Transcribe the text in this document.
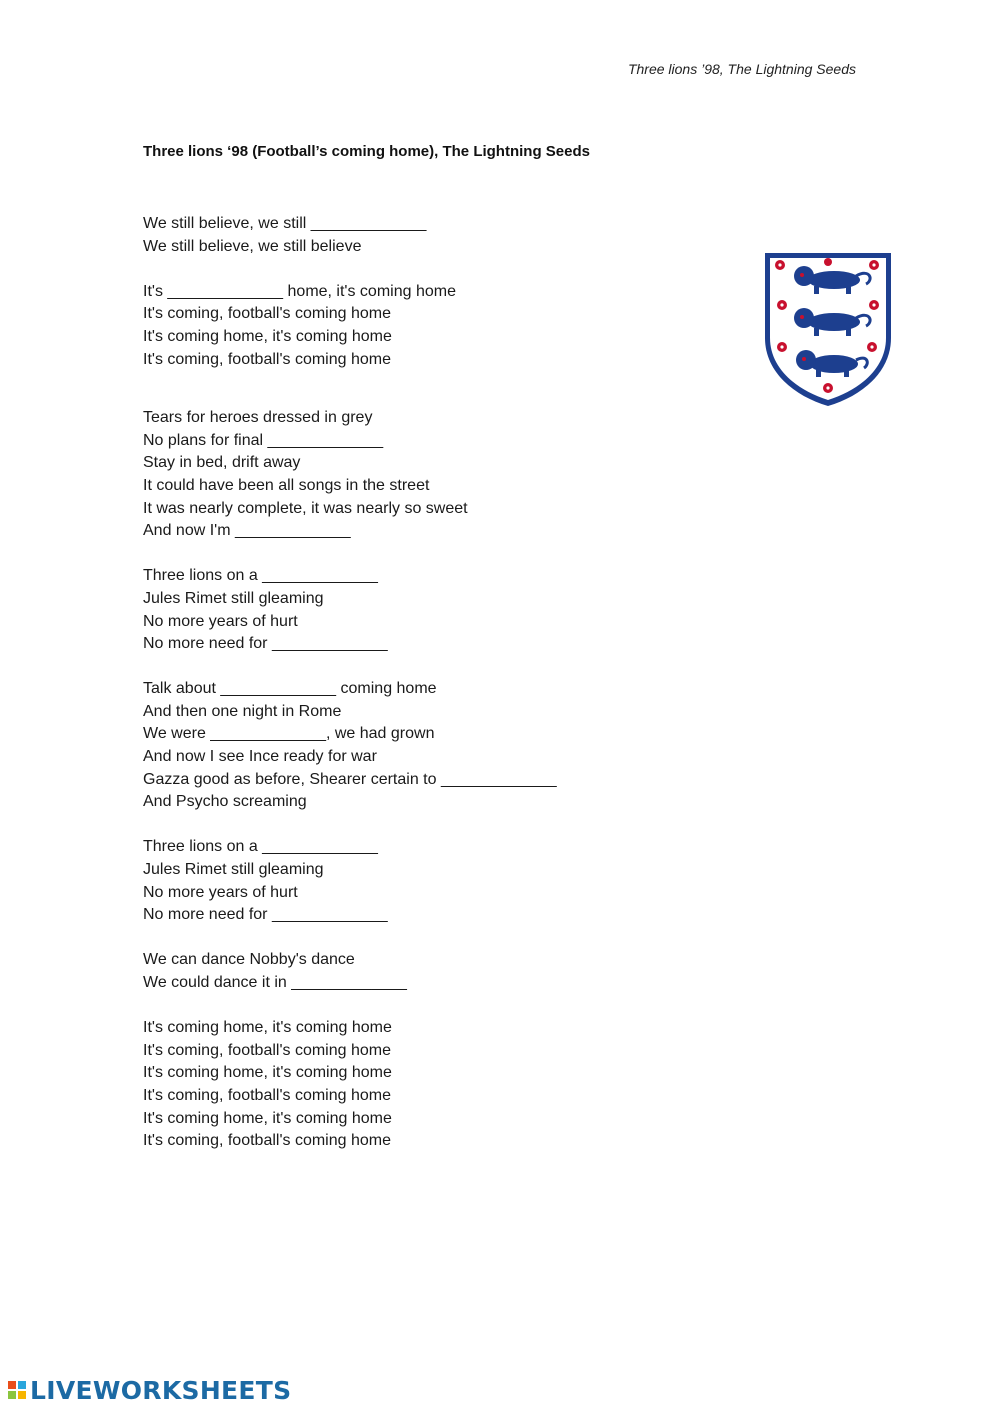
Three lions ’98, The Lightning Seeds
Three lions ‘98 (Football’s coming home), The Lightning Seeds
We still believe, we still _____________
We still believe, we still believe
It's _____________ home, it's coming home
It's coming, football's coming home
It's coming home, it's coming home
It's coming, football's coming home
Tears for heroes dressed in grey
No plans for final _____________
Stay in bed, drift away
It could have been all songs in the street
It was nearly complete, it was nearly so sweet
And now I'm _____________
Three lions on a _____________
Jules Rimet still gleaming
No more years of hurt
No more need for _____________
Talk about _____________ coming home
And then one night in Rome
We were _____________, we had grown
And now I see Ince ready for war
Gazza good as before, Shearer certain to _____________
And Psycho screaming
Three lions on a _____________
Jules Rimet still gleaming
No more years of hurt
No more need for _____________
We can dance Nobby's dance
We could dance it in _____________
It's coming home, it's coming home
It's coming, football's coming home
It's coming home, it's coming home
It's coming, football's coming home
It's coming home, it's coming home
It's coming, football's coming home
LIVEWORKSHEETS
